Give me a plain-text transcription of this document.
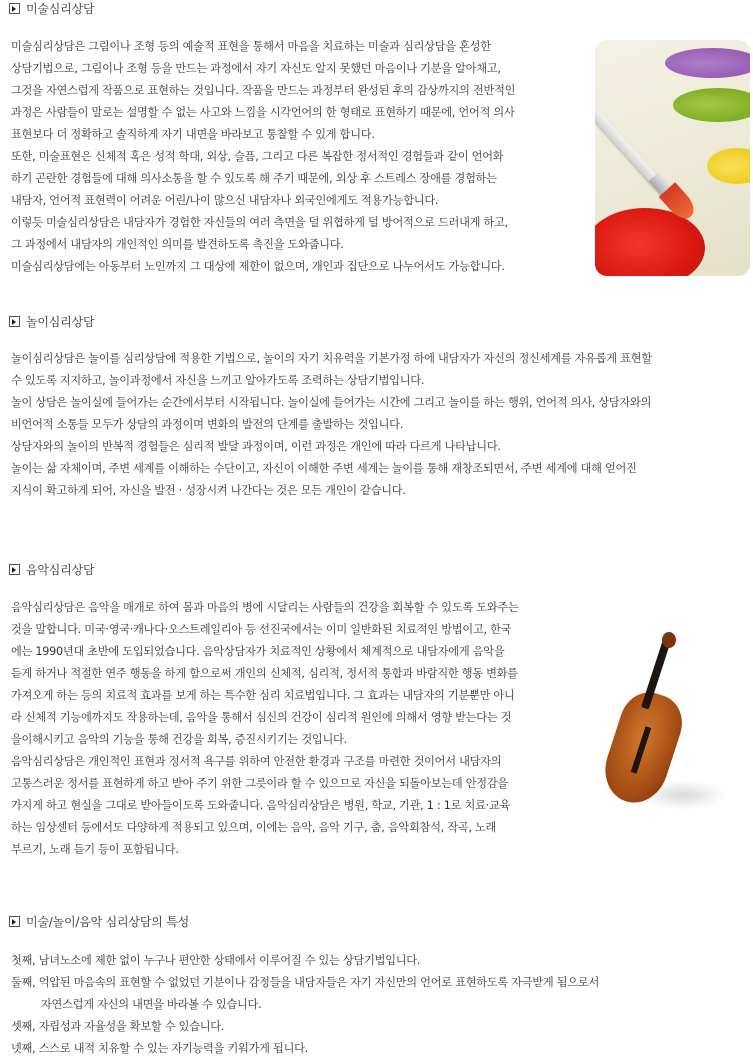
미술심리상담
미술심리상담은 그림이나 조형 등의 예술적 표현을 통해서 마음을 치료하는 미술과 심리상담을 혼성한
상담기법으로, 그림이나 조형 등을 만드는 과정에서 자기 자신도 알지 못했던 마음이나 기분을 알아채고,
그것을 자연스럽게 작품으로 표현하는 것입니다. 작품을 만드는 과정부터 완성된 후의 감상까지의 전반적인
과정은 사람들이 말로는 설명할 수 없는 사고와 느낌을 시각언어의 한 형태로 표현하기 때문에, 언어적 의사
표현보다 더 정확하고 솔직하게 자기 내면을 바라보고 통찰할 수 있게 합니다.
또한, 미술표현은 신체적 혹은 성적 학대, 외상, 슬픔, 그리고 다른 복잡한 정서적인 경험들과 같이 언어화
하기 곤란한 경험들에 대해 의사소통을 할 수 있도록 해 주기 때문에, 외상 후 스트레스 장애를 경험하는
내담자, 언어적 표현력이 어려운 어린/나이 많으신 내담자나 외국인에게도 적용가능합니다.
이렇듯 미술심리상담은 내담자가 경험한 자신들의 여러 측면을 덜 위협하게 덜 방어적으로 드러내게 하고,
그 과정에서 내담자의 개인적인 의미를 발견하도록 촉진을 도와줍니다.
미술심리상담에는 아동부터 노인까지 그 대상에 제한이 없으며, 개인과 집단으로 나누어서도 가능합니다.
놀이심리상담
놀이심리상담은 놀이를 심리상담에 적용한 기법으로, 놀이의 자기 치유력을 기본가정 하에 내담자가 자신의 정신세계를 자유롭게 표현할
수 있도록 지지하고, 놀이과정에서 자신을 느끼고 알아가도록 조력하는 상담기법입니다.
놀이 상담은 놀이실에 들어가는 순간에서부터 시작됩니다. 놀이실에 들어가는 시간에 그리고 놀이를 하는 행위, 언어적 의사, 상담자와의
비언어적 소통들 모두가 상담의 과정이며 변화의 발전의 단계를 출발하는 것입니다.
상담자와의 놀이의 반복적 경험들은 심리적 발달 과정이며, 이런 과정은 개인에 따라 다르게 나타납니다.
놀이는 삶 자체이며, 주변 세계를 이해하는 수단이고, 자신이 이해한 주변 세계는 놀이를 통해 재창조되면서, 주변 세계에 대해 얻어진
지식이 확고하게 되어, 자신을 발전 · 성장시켜 나간다는 것은 모든 개인이 같습니다.
음악심리상담
음악심리상담은 음악을 매개로 하여 몸과 마음의 병에 시달리는 사람들의 건강을 회복할 수 있도록 도와주는
것을 말합니다. 미국·영국·캐나다·오스트레일리아 등 선진국에서는 이미 일반화된 치료적인 방법이고, 한국
에는 1990년대 초반에 도입되었습니다. 음악상담자가 치료적인 상황에서 체계적으로 내담자에게 음악을
듣게 하거나 적절한 연주 행동을 하게 함으로써 개인의 신체적, 심리적, 정서적 통합과 바람직한 행동 변화를
가져오게 하는 등의 치료적 효과를 보게 하는 특수한 심리 치료법입니다. 그 효과는 내담자의 기분뿐만 아니
라 신체적 기능에까지도 작용하는데, 음악을 통해서 심신의 건강이 심리적 원인에 의해서 영향 받는다는 것
을이해시키고 음악의 기능을 통해 건강을 회복, 증진시키기는 것입니다.
음악심리상담은 개인적인 표현과 정서적 욕구를 위하여 안전한 환경과 구조를 마련한 것이어서 내담자의
고통스러운 정서를 표현하게 하고 받아 주기 위한 그릇이라 할 수 있으므로 자신을 되돌아보는데 안정감을
가지게 하고 현실을 그대로 받아들이도록 도와줍니다. 음악심리상담은 병원, 학교, 기관, 1 : 1로 치료·교육
하는 임상센터 등에서도 다양하게 적용되고 있으며, 이에는 음악, 음악 기구, 춤, 음악회참석, 작곡, 노래
부르기, 노래 듣기 등이 포함됩니다.
미술/놀이/음악 심리상담의 특성
첫째, 남녀노소에 제한 없이 누구나 편안한 상태에서 이루어질 수 있는 상담기법입니다.
둘째, 억압된 마음속의 표현할 수 없었던 기분이나 감정들을 내담자들은 자기 자신만의 언어로 표현하도록 자극받게 됨으로서
자연스럽게 자신의 내면을 바라볼 수 있습니다.
셋째, 자립성과 자율성을 확보할 수 있습니다.
넷째, 스스로 내적 치유할 수 있는 자기능력을 키워가게 됩니다.
